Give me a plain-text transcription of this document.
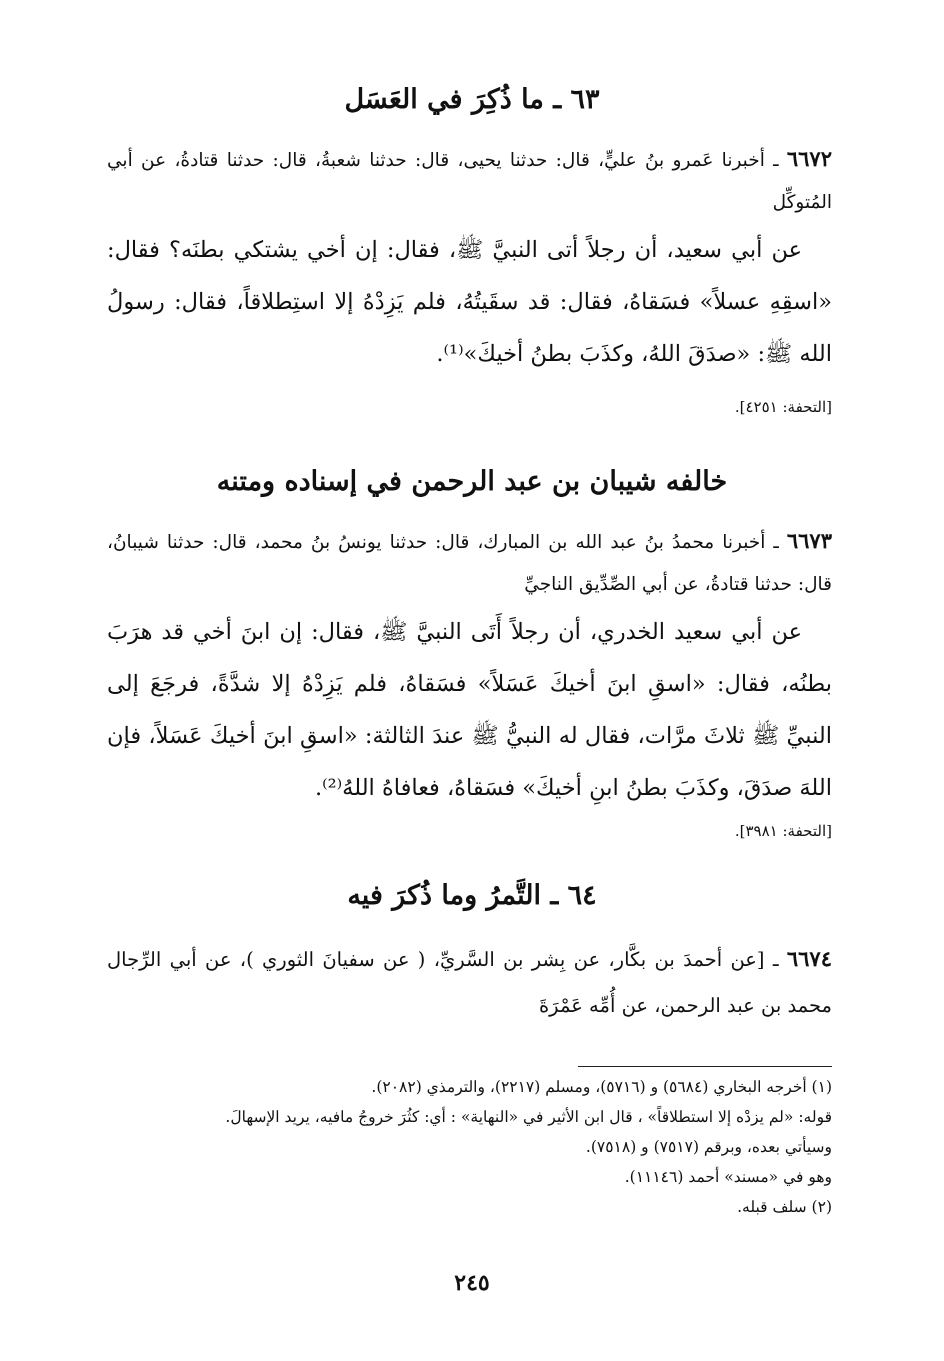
٦٣ ـ ما ذُكِرَ في العَسَل

٦٦٧٢ ـ أخبرنا عَمرو بنُ عليٍّ، قال: حدثنا يحيى، قال: حدثنا شعبةُ، قال: حدثنا قتادةُ، عن أبي المُتوكِّل

عن أبي سعيد، أن رجلاً أتى النبيَّ ﷺ، فقال: إن أخي يشتكي بطنَه؟ فقال: «اسقِهِ عسلاً» فسَقاهُ، فقال: قد سقَيتُهُ، فلم يَزِدْهُ إلا استِطلاقاً، فقال: رسولُ الله ﷺ: «صدَقَ اللهُ، وكذَبَ بطنُ أخيكَ»⁽¹⁾.

[التحفة: ٤٢٥١].

خالفه شيبان بن عبد الرحمن في إسناده ومتنه

٦٦٧٣ ـ أخبرنا محمدُ بنُ عبد الله بن المبارك، قال: حدثنا يونسُ بنُ محمد، قال: حدثنا شيبانُ، قال: حدثنا قتادةُ، عن أبي الصِّدِّيق الناجيِّ

عن أبي سعيد الخدري، أن رجلاً أَتَى النبيَّ ﷺ، فقال: إن ابنَ أخي قد هرَبَ بطنُه، فقال: «اسقِ ابنَ أخيكَ عَسَلاً» فسَقاهُ، فلم يَزِدْهُ إلا شدَّةً، فرجَعَ إلى النبيِّ ﷺ ثلاثَ مرَّات، فقال له النبيُّ ﷺ عندَ الثالثة: «اسقِ ابنَ أخيكَ عَسَلاً، فإن اللهَ صدَقَ، وكذَبَ بطنُ ابنِ أخيكَ» فسَقاهُ، فعافاهُ اللهُ⁽²⁾.

[التحفة: ٣٩٨١].

٦٤ ـ التَّمرُ وما ذُكرَ فيه

٦٦٧٤ ـ [عن أحمدَ بن بكَّار، عن بِشر بن السَّريِّ، ( عن سفيانَ الثوري )، عن أبي الرِّجال محمد بن عبد الرحمن، عن أُمِّه عَمْرَةَ

(١) أخرجه البخاري (٥٦٨٤) و (٥٧١٦)، ومسلم (٢٢١٧)، والترمذي (٢٠٨٢).

قوله: «لم يزدْه إلا استطلاقاً» ، قال ابن الأثير في «النهاية» : أي: كثُرَ خروجُ مافيه، يريد الإسهالَ.

وسيأتي بعده، وبرقم (٧٥١٧) و (٧٥١٨).

وهو في «مسند» أحمد (١١١٤٦).

(٢) سلف قبله.

٢٤٥
